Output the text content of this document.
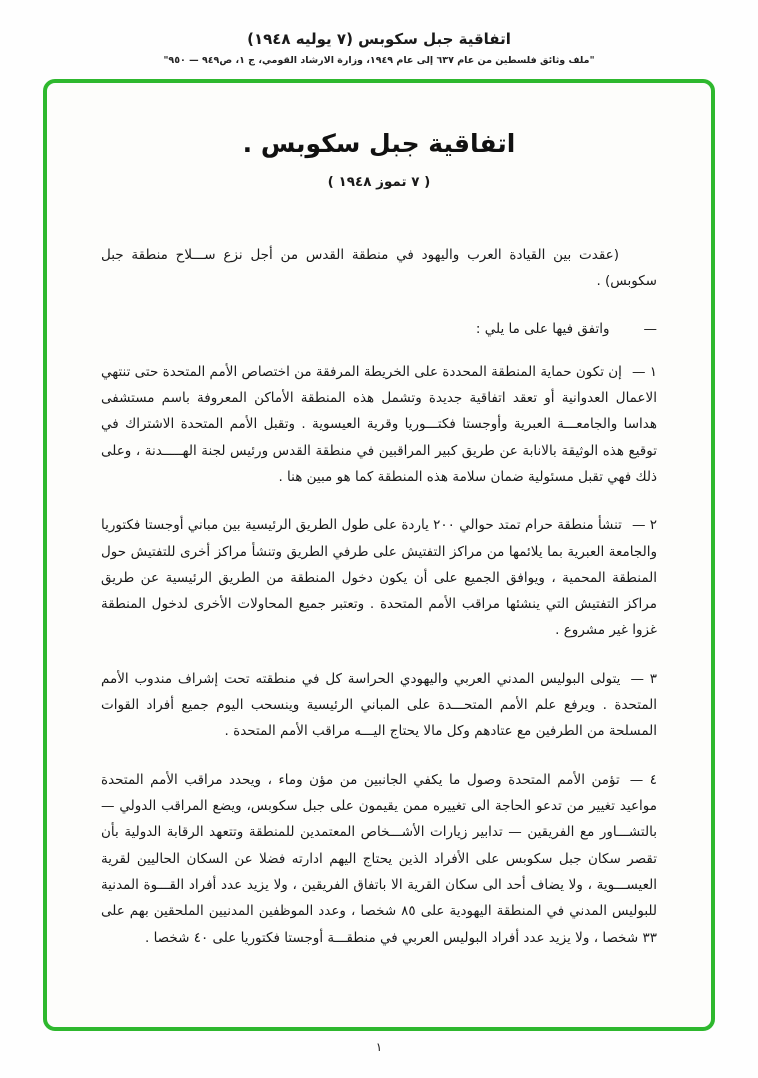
اتفاقية جبل سكوبس (٧ يوليه ١٩٤٨)
"ملف وثائق فلسطين من عام ٦٣٧ إلى عام ١٩٤٩، وزارة الارشاد القومي، ج ١، ص٩٤٩ — ٩٥٠"
اتفاقية جبل سكوبس .
( ٧ تموز ١٩٤٨ )

(عقدت بين القيادة العرب واليهود في منطقة القدس من أجل نزع ســـلاح منطقة جبل سكوبس) .

—
واتفق فيها على ما يلي :

١ —إن تكون حماية المنطقة المحددة على الخريطة المرفقة من اختصاص الأمم المتحدة حتى تنتهي الاعمال العدوانية أو تعقد اتفاقية جديدة وتشمل هذه المنطقة الأماكن المعروفة باسم مستشفى هداسا والجامعـــة العبرية وأوجستا فكتـــوريا وقرية العيسوية . وتقبل الأمم المتحدة الاشتراك في توقيع هذه الوثيقة بالانابة عن طريق كبير المراقبين في منطقة القدس ورئيس لجنة الهـــــدنة ، وعلى ذلك فهي تقبل مسئولية ضمان سلامة هذه المنطقة كما هو مبين هنا .

٢ —تنشأ منطقة حرام تمتد حوالي ٢٠٠ ياردة على طول الطريق الرئيسية بين مباني أوجستا فكتوريا والجامعة العبرية بما يلائمها من مراكز التفتيش على طرفي الطريق وتنشأ مراكز أخرى للتفتيش حول المنطقة المحمية ، ويوافق الجميع على أن يكون دخول المنطقة من الطريق الرئيسية عن طريق مراكز التفتيش التي ينشئها مراقب الأمم المتحدة . وتعتبر جميع المحاولات الأخرى لدخول المنطقة غزوا غير مشروع .

٣ —يتولى البوليس المدني العربي واليهودي الحراسة كل في منطقته تحت إشراف مندوب الأمم المتحدة . ويرفع علم الأمم المتحـــدة على المباني الرئيسية وينسحب اليوم جميع أفراد القوات المسلحة من الطرفين مع عتادهم وكل مالا يحتاج اليـــه مراقب الأمم المتحدة .

٤ —تؤمن الأمم المتحدة وصول ما يكفي الجانبين من مؤن وماء ، ويحدد مراقب الأمم المتحدة مواعيد تغيير من تدعو الحاجة الى تغييره ممن يقيمون على جبل سكوبس، ويضع المراقب الدولي — بالتشـــاور مع الفريقين — تدابير زيارات الأشـــخاص المعتمدين للمنطقة وتتعهد الرقابة الدولية بأن تقصر سكان جبل سكوبس على الأفراد الذين يحتاج اليهم ادارته فضلا عن السكان الحاليين لقرية العيســـوية ، ولا يضاف أحد الى سكان القرية الا باتفاق الفريقين ، ولا يزيد عدد أفراد القـــوة المدنية للبوليس المدني في المنطقة اليهودية على ٨٥ شخصا ، وعدد الموظفين المدنيين الملحقين بهم على ٣٣ شخصا ، ولا يزيد عدد أفراد البوليس العربي في منطقـــة أوجستا فكتوريا على ٤٠ شخصا .

١
